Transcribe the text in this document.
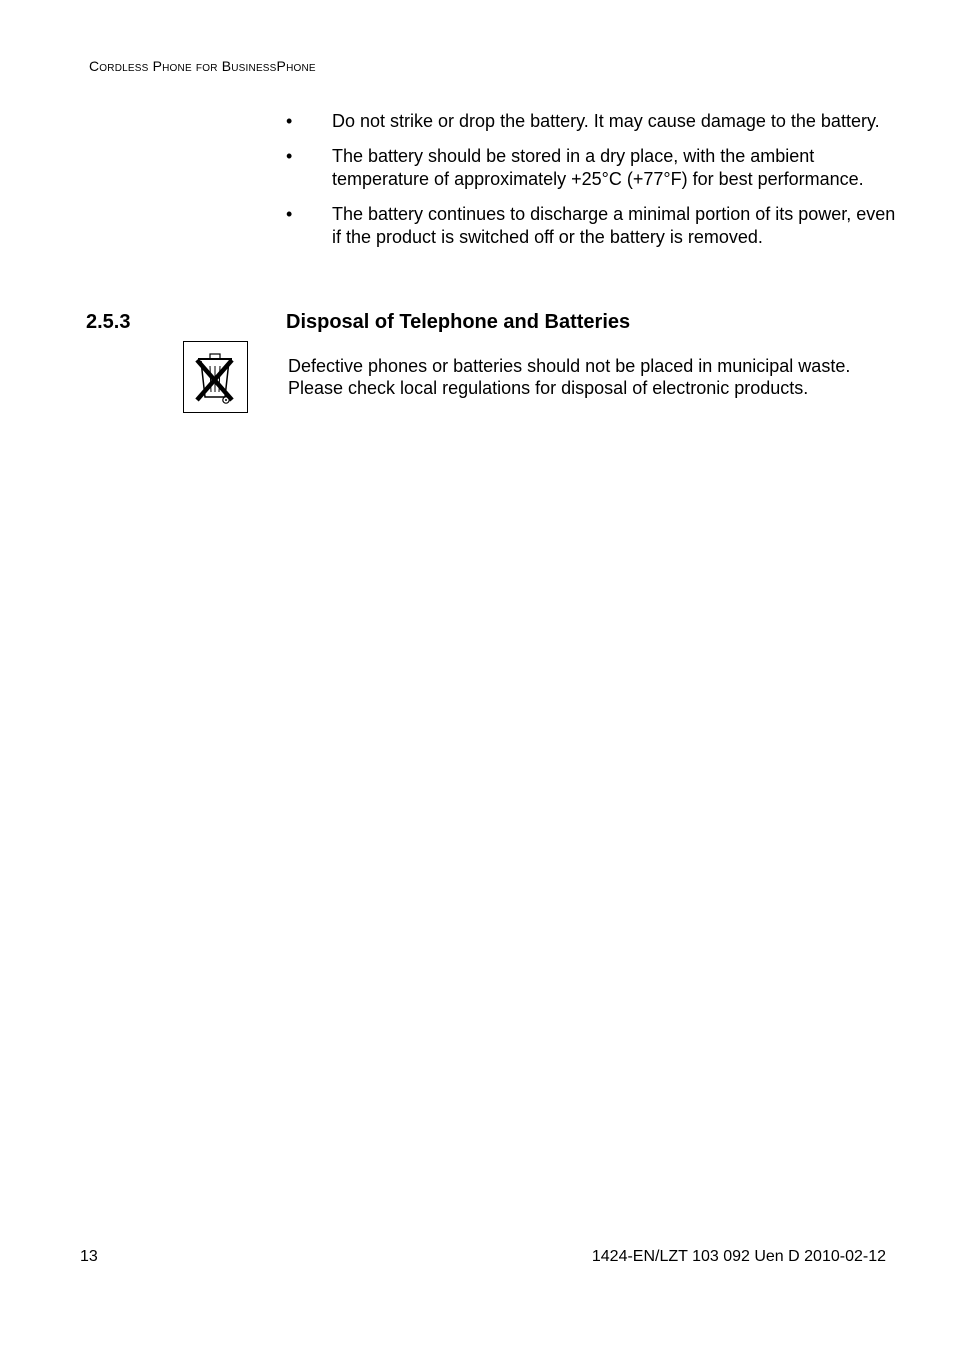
Cordless Phone for BusinessPhone
•	Do not strike or drop the battery. It may cause damage to the battery.
•	The battery should be stored in a dry place, with the ambient temperature of approximately +25°C (+77°F) for best performance.
•	The battery continues to discharge a minimal portion of its power, even if the product is switched off or the battery is removed.
2.5.3	Disposal of Telephone and Batteries

Defective phones or batteries should not be placed in municipal waste.

Please check local regulations for disposal of electronic products.

13	1424-EN/LZT 103 092 Uen D 2010-02-12
